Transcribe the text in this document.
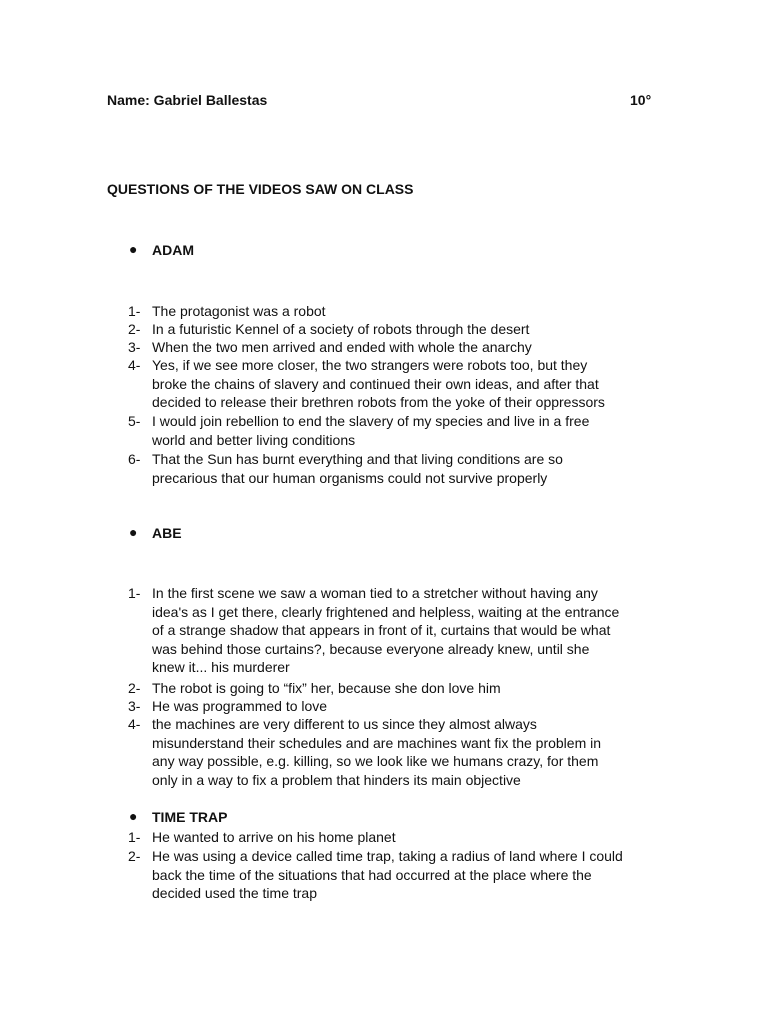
Name: Gabriel Ballestas	10°
QUESTIONS OF THE VIDEOS SAW ON CLASS
● ADAM
1- The protagonist was a robot
2- In a futuristic Kennel of a society of robots through the desert
3- When the two men arrived and ended with whole the anarchy
4- Yes, if we see more closer, the two strangers were robots too, but they
broke the chains of slavery and continued their own ideas, and after that
decided to release their brethren robots from the yoke of their oppressors
5- I would join rebellion to end the slavery of my species and live in a free
world and better living conditions
6- That the Sun has burnt everything and that living conditions are so
precarious that our human organisms could not survive properly
● ABE
1- In the first scene we saw a woman tied to a stretcher without having any
idea's as I get there, clearly frightened and helpless, waiting at the entrance
of a strange shadow that appears in front of it, curtains that would be what
was behind those curtains?, because everyone already knew, until she
knew it... his murderer
2- The robot is going to “fix” her, because she don love him
3- He was programmed to love
4- the machines are very different to us since they almost always
misunderstand their schedules and are machines want fix the problem in
any way possible, e.g. killing, so we look like we humans crazy, for them
only in a way to fix a problem that hinders its main objective
● TIME TRAP
1- He wanted to arrive on his home planet
2- He was using a device called time trap, taking a radius of land where I could
back the time of the situations that had occurred at the place where the
decided used the time trap
